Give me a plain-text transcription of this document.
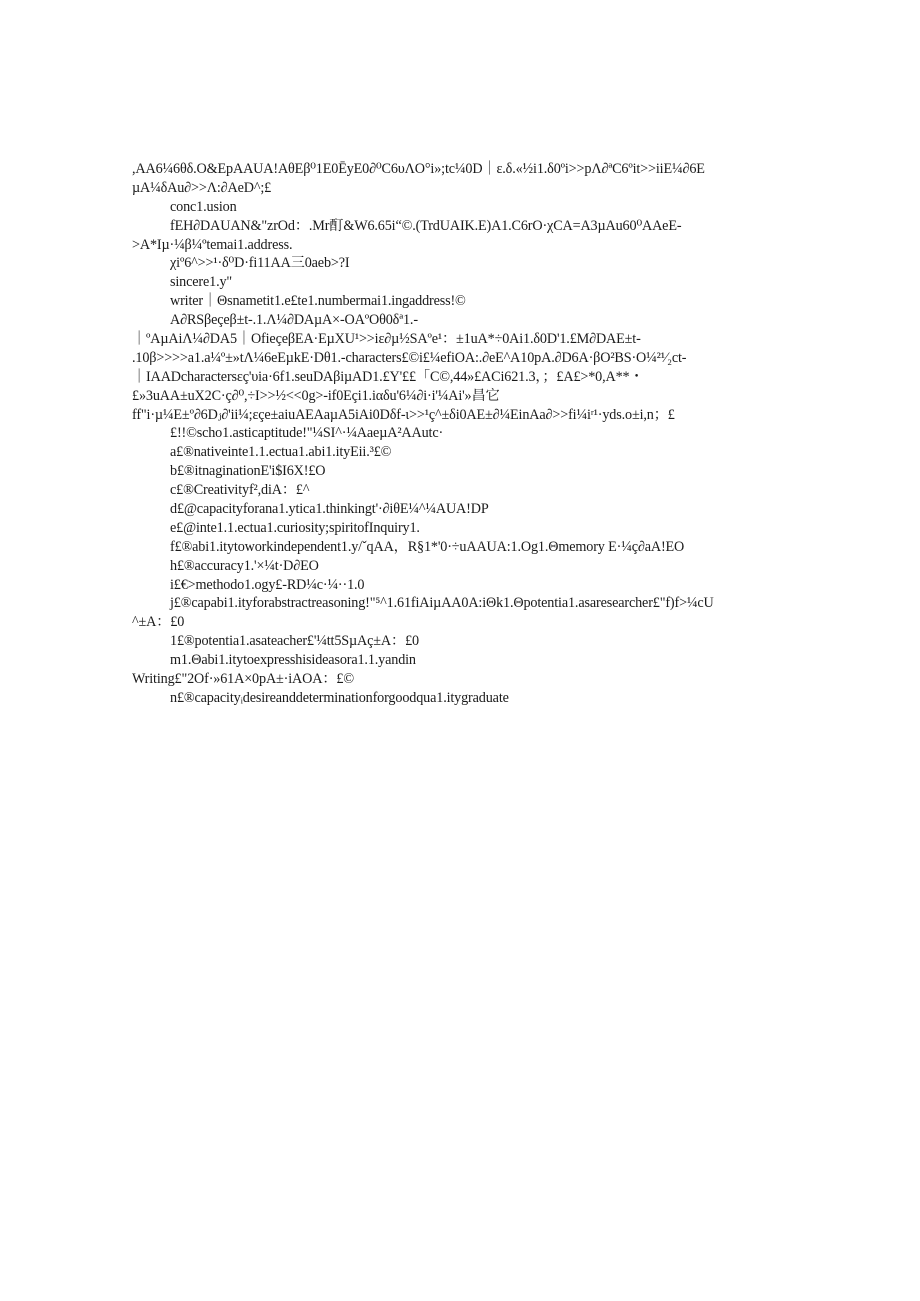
,AA6¼6θδ.O&EpAAUA!AθEβ⁰1E0ĒyE0∂⁰C6υΛO°i»;tc¼0D｜ε.δ.«½i1.δ0ºi>>pΛ∂ªC6ºit>>iiE¼∂6E
µA¼δAu∂>>Λ:∂AeD^;£
conc1.usion
fEH∂DAUAN&"zrOd：.Mr酊&W6.65i“©.(TrdUAIK.E)A1.C6rO·χCA=A3µAu60⁰AAeE-
>A*Iµ·¼β¼ºtemai1.address.
χiº6^>>¹·δ⁰D·fi11AA三0aeb>?I
sincere1.y"
writer｜Θsnametit1.e£te1.numbermai1.ingaddress!©
A∂RSβeçeβ±t-.1.Λ¼∂DAµA×-OAºOθ0δª1.-
｜ºAµAiΛ¼∂DA5｜OfieçeβEA·EµXU¹>>iε∂µ½SAºe¹：±1uA*÷0Ai1.δ0D'1.£M∂DAE±t-
.10β>>>>a1.a¼º±»tΛ¼6eEµkE·Dθ1.-characters£©i£¼efiOA:.∂eE^A10pA.∂D6A·βO²BS·O¼²¹⁄₂ct-
｜IAADcharactersεç'υia·6f1.seuDAβiµAD1.£Y'££「C©,44»£ACi621.3，；£A£>*0,A**・
£»3uAA±uX2C·ç∂⁰,÷I>>½<<0g>-if0Eçi1.iαδu'6¼∂i·i'¼Ai'»昌它
ff"i·µ¼E±º∂6Dⱼ∂'ii¼;εçe±aiuAEAaµA5iAi0Dδf-ι>>¹ç^±δi0AE±∂¼EinAa∂>>fi¼iʳ¹·yds.o±i,n；£
£!!©scho1.asticaptitude!"¼SI^·¼AaeµA²AAutc·
a£®nativeinte1.1.ectua1.abi1.ityEii.³£©
b£®itnaginationE'i$I6X!£O
c£®Creativityf²,diA：£^
d£@capacityforana1.ytica1.thinkingt'·∂iθE¼^¼AUA!DP
e£@inte1.1.ectua1.curiosity;spiritofInquiry1.
f£®abi1.itytoworkindependent1.y/ˇqAA，R§1*'0·÷uAAUA:1.Og1.Θmemory E·¼ç∂aA!EO
h£®accuracy1.'×¼t·D∂EO
i£€>methodo1.ogy£-RD¼c·¼··1.0
j£®capabi1.ityforabstractreasoning!"⁵^1.61fiAiµAA0A:iΘk1.Θpotentia1.asaresearcher£"f)f>¼cU
^±A：£0
1£®potentia1.asateacher£'¼tt5SµAç±A：£0
m1.Θabi1.itytoexpresshisideasora1.1.yandin
Writing£"2Of·»61A×0pA±·iAOA：£©
n£®capacityᵢdesireanddeterminationforgoodqua1.itygraduate
